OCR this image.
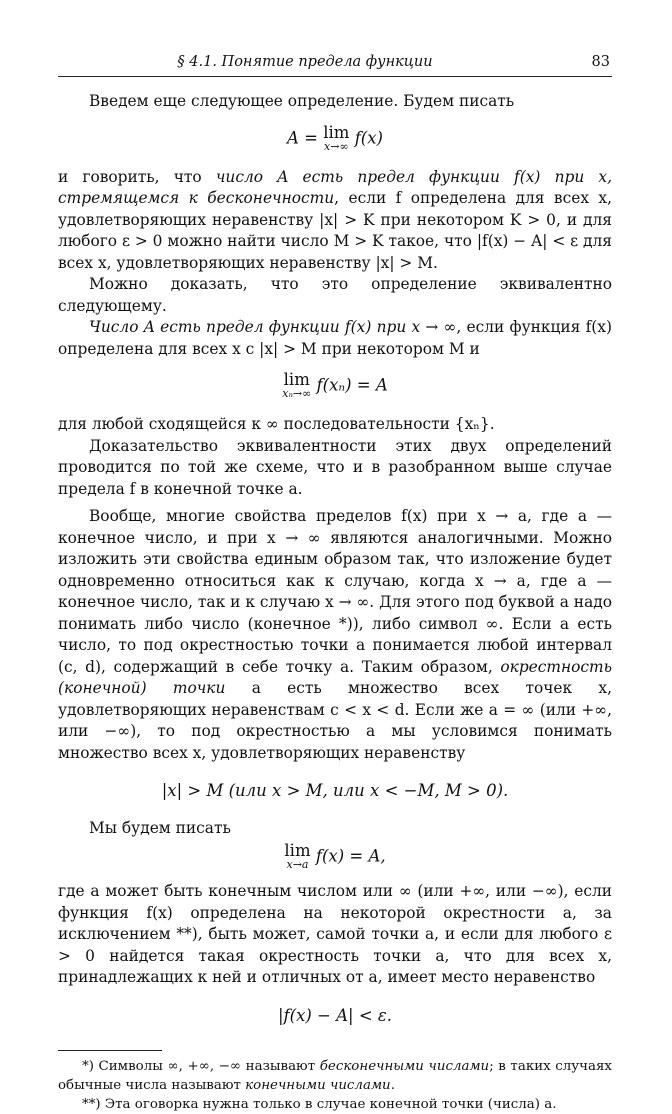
§ 4.1. Понятие предела функции	83

Введем еще следующее определение. Будем писать

A = lim
x→∞ f(x)

и говорить, что число A есть предел функции f(x) при x, стремящемся к бесконечности, если f определена для всех x, удовлетворяющих неравенству |x| > K при некотором K > 0, и для любого ε > 0 можно найти число M > K такое, что |f(x) − A| < ε для всех x, удовлетворяющих неравенству |x| > M.

Можно доказать, что это определение эквивалентно следующему.

Число A есть предел функции f(x) при x → ∞, если функция f(x) определена для всех x с |x| > M при некотором M и

lim
xₙ→∞ f(xₙ) = A

для любой сходящейся к ∞ последовательности {xₙ}.

Доказательство эквивалентности этих двух определений проводится по той же схеме, что и в разобранном выше случае предела f в конечной точке a.

Вообще, многие свойства пределов f(x) при x → a, где a — конечное число, и при x → ∞ являются аналогичными. Можно изложить эти свойства единым образом так, что изложение будет одновременно относиться как к случаю, когда x → a, где a — конечное число, так и к случаю x → ∞. Для этого под буквой a надо понимать либо число (конечное *)), либо символ ∞. Если a есть число, то под окрестностью точки a понимается любой интервал (c, d), содержащий в себе точку a. Таким образом, окрестность (конечной) точки a есть множество всех точек x, удовлетворяющих неравенствам c < x < d. Если же a = ∞ (или +∞, или −∞), то под окрестностью a мы условимся понимать множество всех x, удовлетворяющих неравенству

|x| > M (или x > M, или x < −M, M > 0).

Мы будем писать

lim
x→a f(x) = A,

где a может быть конечным числом или ∞ (или +∞, или −∞), если функция f(x) определена на некоторой окрестности a, за исключением **), быть может, самой точки a, и если для любого ε > 0 найдется такая окрестность точки a, что для всех x, принадлежащих к ней и отличных от a, имеет место неравенство

|f(x) − A| < ε.

*) Символы ∞, +∞, −∞ называют бесконечными числами; в таких случаях обычные числа называют конечными числами.

**) Эта оговорка нужна только в случае конечной точки (числа) a.
